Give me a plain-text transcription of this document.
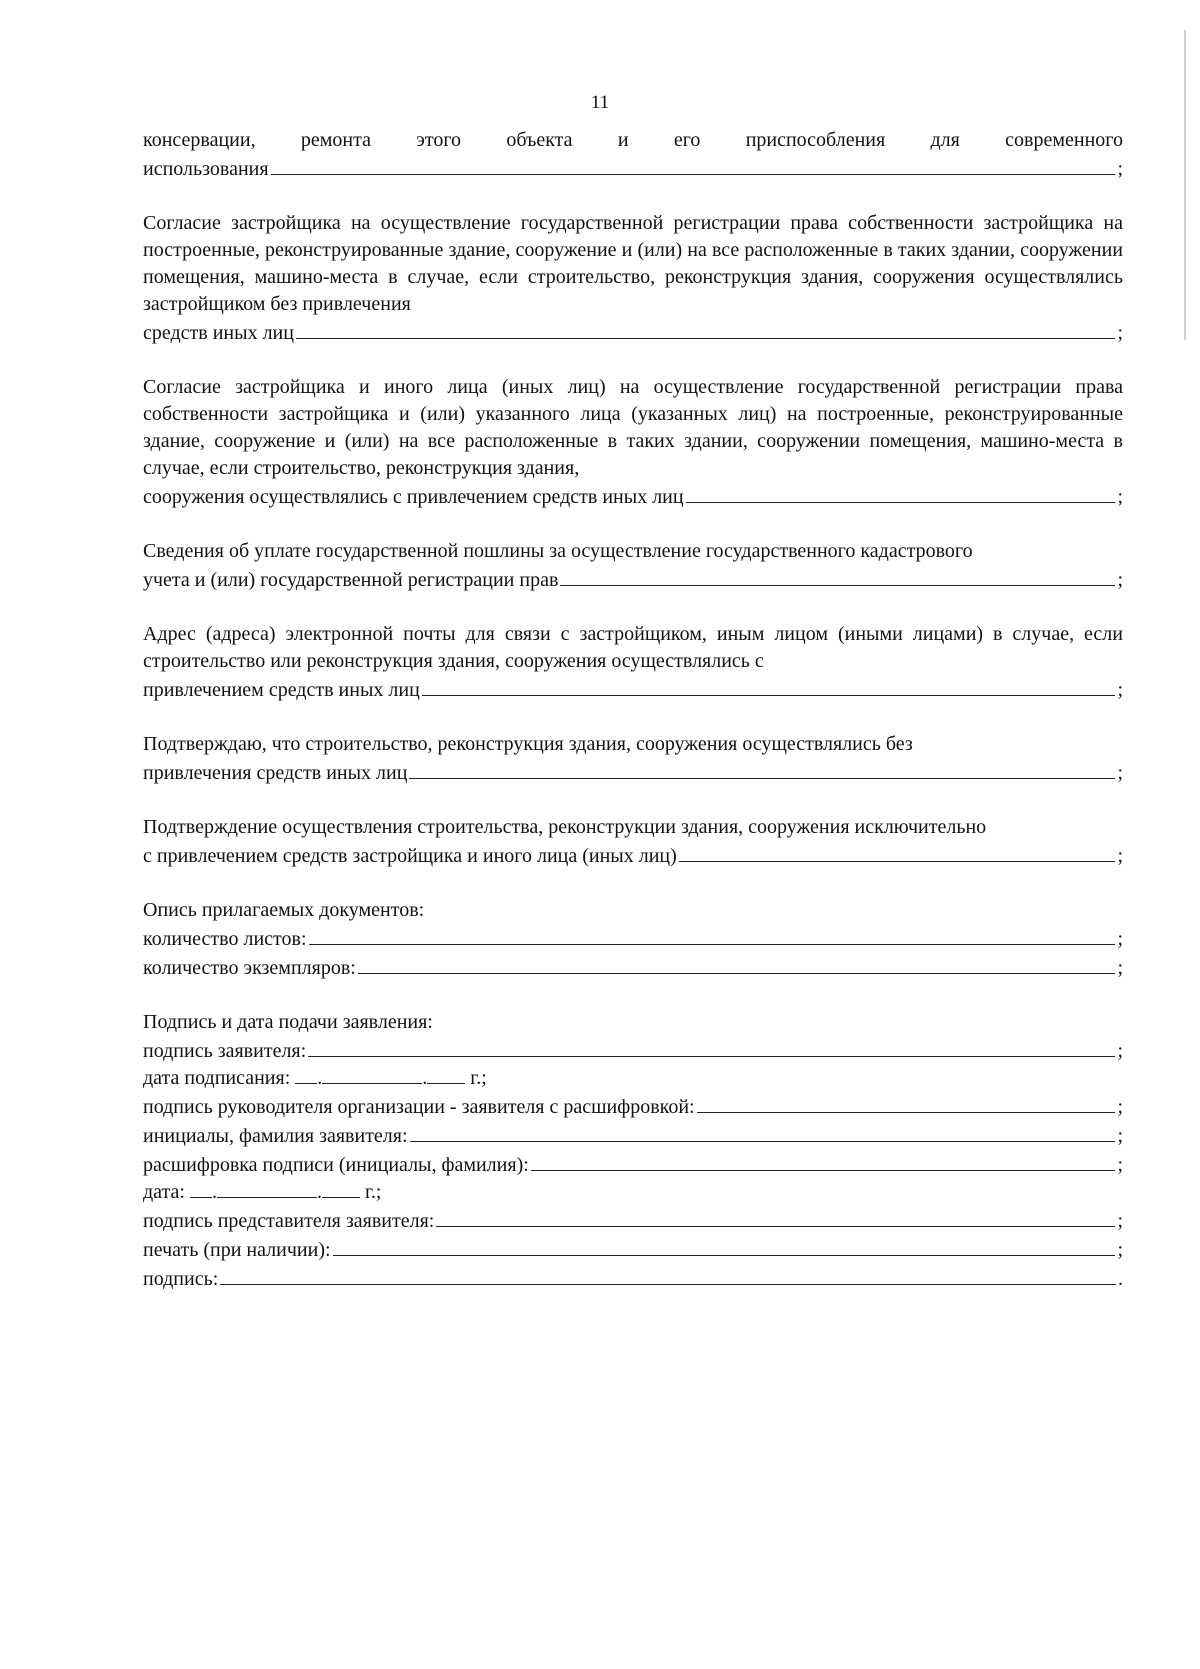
11
консервации, ремонта этого объекта и его приспособления для современного
использования	;
Согласие застройщика на осуществление государственной регистрации права собственности застройщика на построенные, реконструированные здание, сооружение и (или) на все расположенные в таких здании, сооружении помещения, машино-места в случае, если строительство, реконструкция здания, сооружения осуществлялись застройщиком без привлечения
средств иных лиц	;
Согласие застройщика и иного лица (иных лиц) на осуществление государственной регистрации права собственности застройщика и (или) указанного лица (указанных лиц) на построенные, реконструированные здание, сооружение и (или) на все расположенные в таких здании, сооружении помещения, машино-места в случае, если строительство, реконструкция здания,
сооружения осуществлялись с привлечением средств иных лиц	;
Сведения об уплате государственной пошлины за осуществление государственного кадастрового
учета и (или) государственной регистрации прав	;
Адрес (адреса) электронной почты для связи с застройщиком, иным лицом (иными лицами) в случае, если строительство или реконструкция здания, сооружения осуществлялись с
привлечением средств иных лиц	;
Подтверждаю, что строительство, реконструкция здания, сооружения осуществлялись без
привлечения средств иных лиц	;
Подтверждение осуществления строительства, реконструкции здания, сооружения исключительно
с привлечением средств застройщика и иного лица (иных лиц)	;
Опись прилагаемых документов:
количество листов:	;
количество экземпляров:	;
Подпись и дата подачи заявления:
подпись заявителя:	;
дата подписания: .	. г.;
подпись руководителя организации - заявителя с расшифровкой:	;
инициалы, фамилия заявителя:	;
расшифровка подписи (инициалы, фамилия):	;
дата: .	. г.;
подпись представителя заявителя:	;
печать (при наличии):	;
подпись:	.
